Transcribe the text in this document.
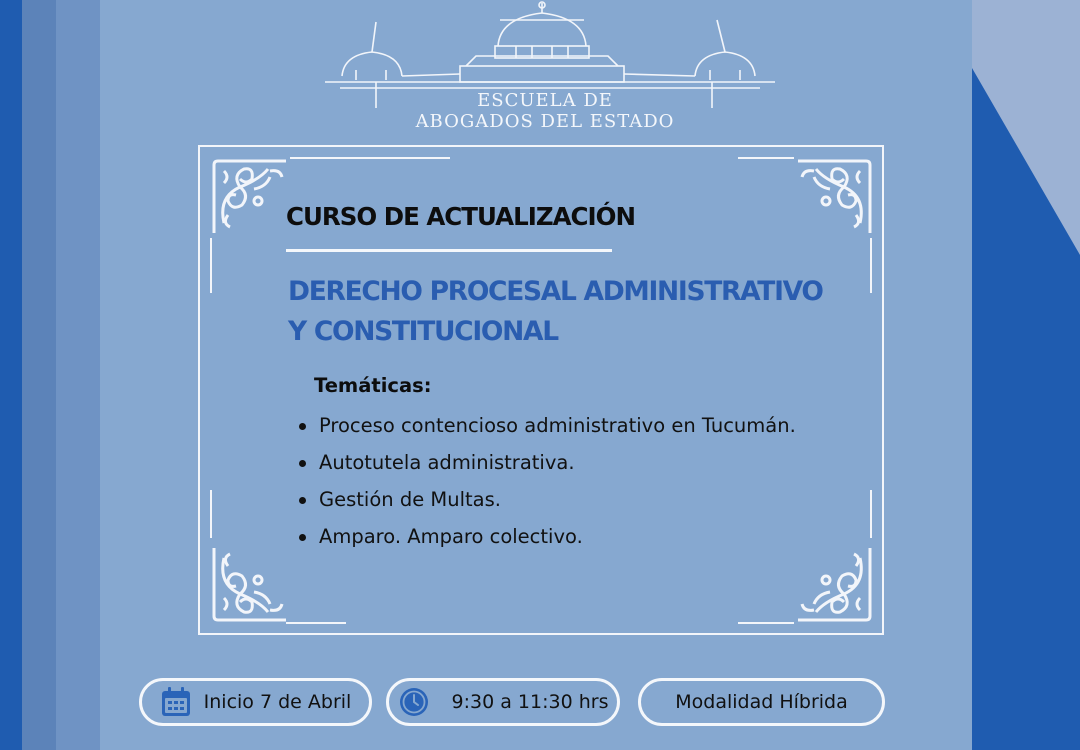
ESCUELA DE
ABOGADOS DEL ESTADO
CURSO DE ACTUALIZACIÓN
DERECHO PROCESAL ADMINISTRATIVO
Y CONSTITUCIONAL
Temáticas:
Proceso contencioso administrativo en Tucumán.
Autotutela administrativa.
Gestión de Multas.
Amparo. Amparo colectivo.
Inicio 7 de Abril	9:30 a 11:30 hrs	Modalidad Híbrida
